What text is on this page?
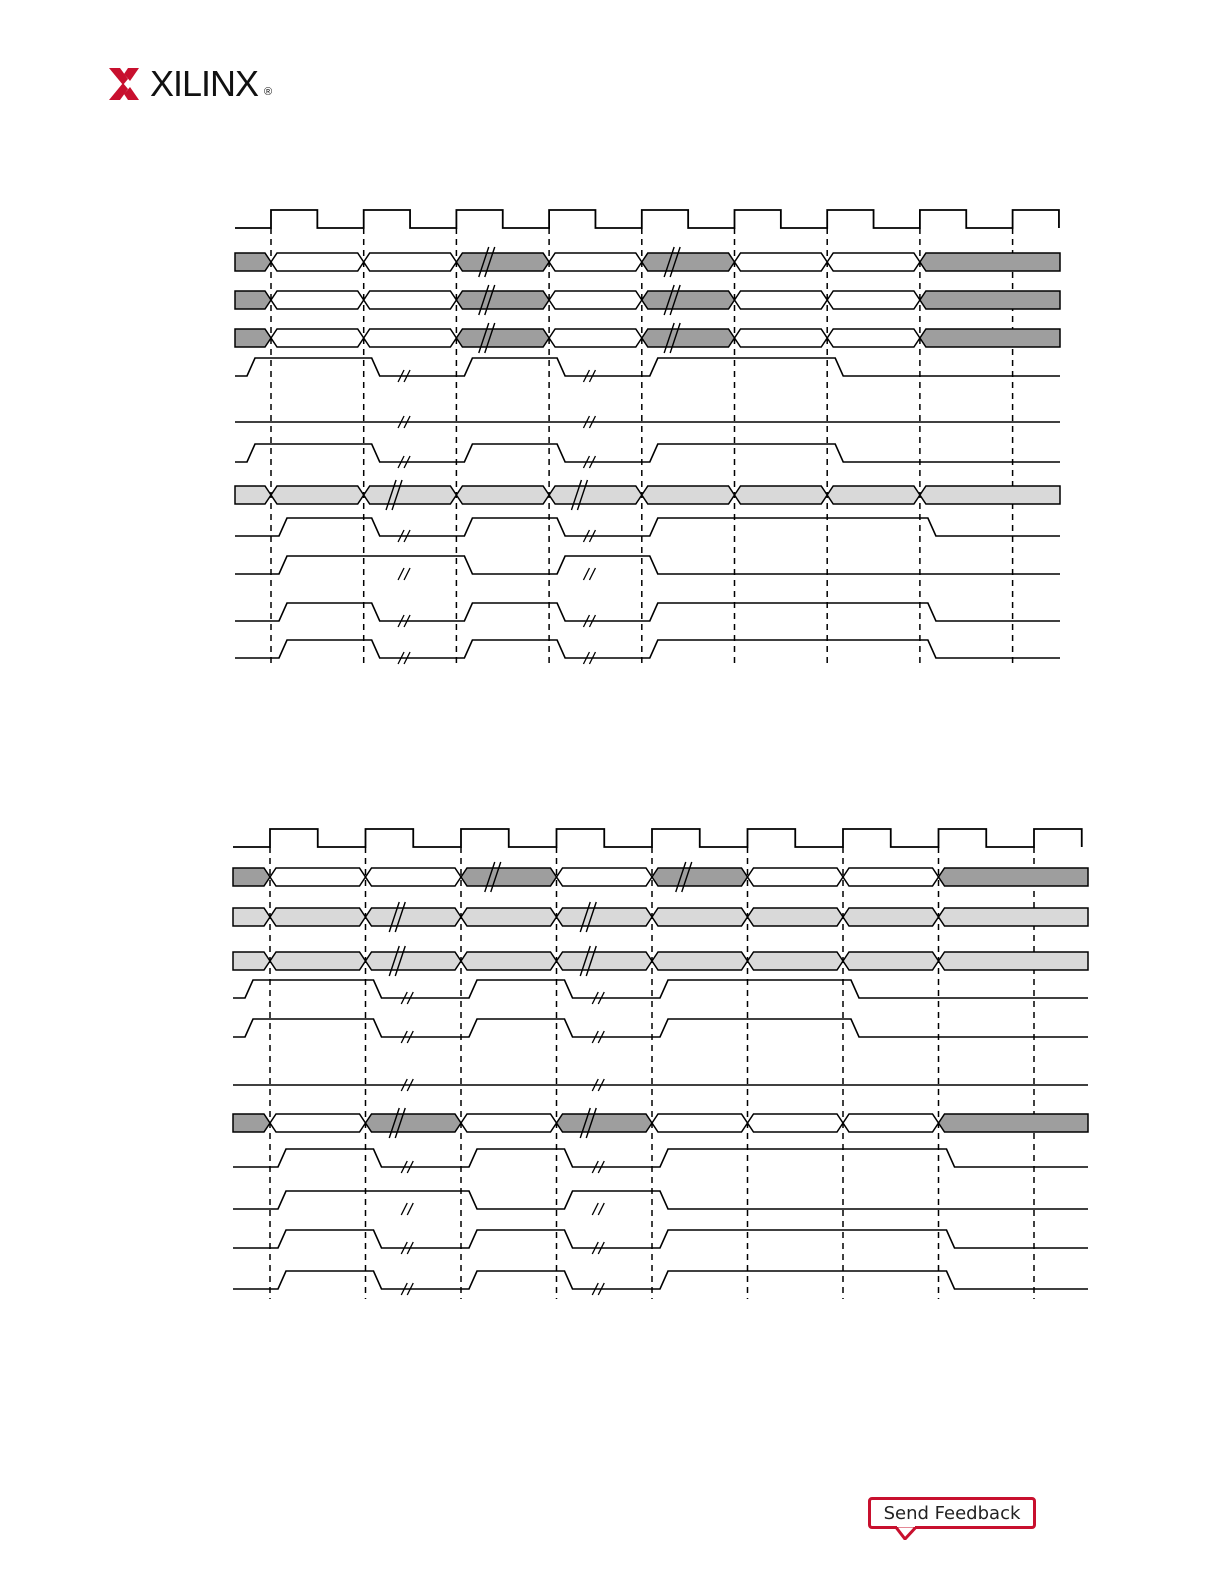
XILINX ®
Send Feedback
